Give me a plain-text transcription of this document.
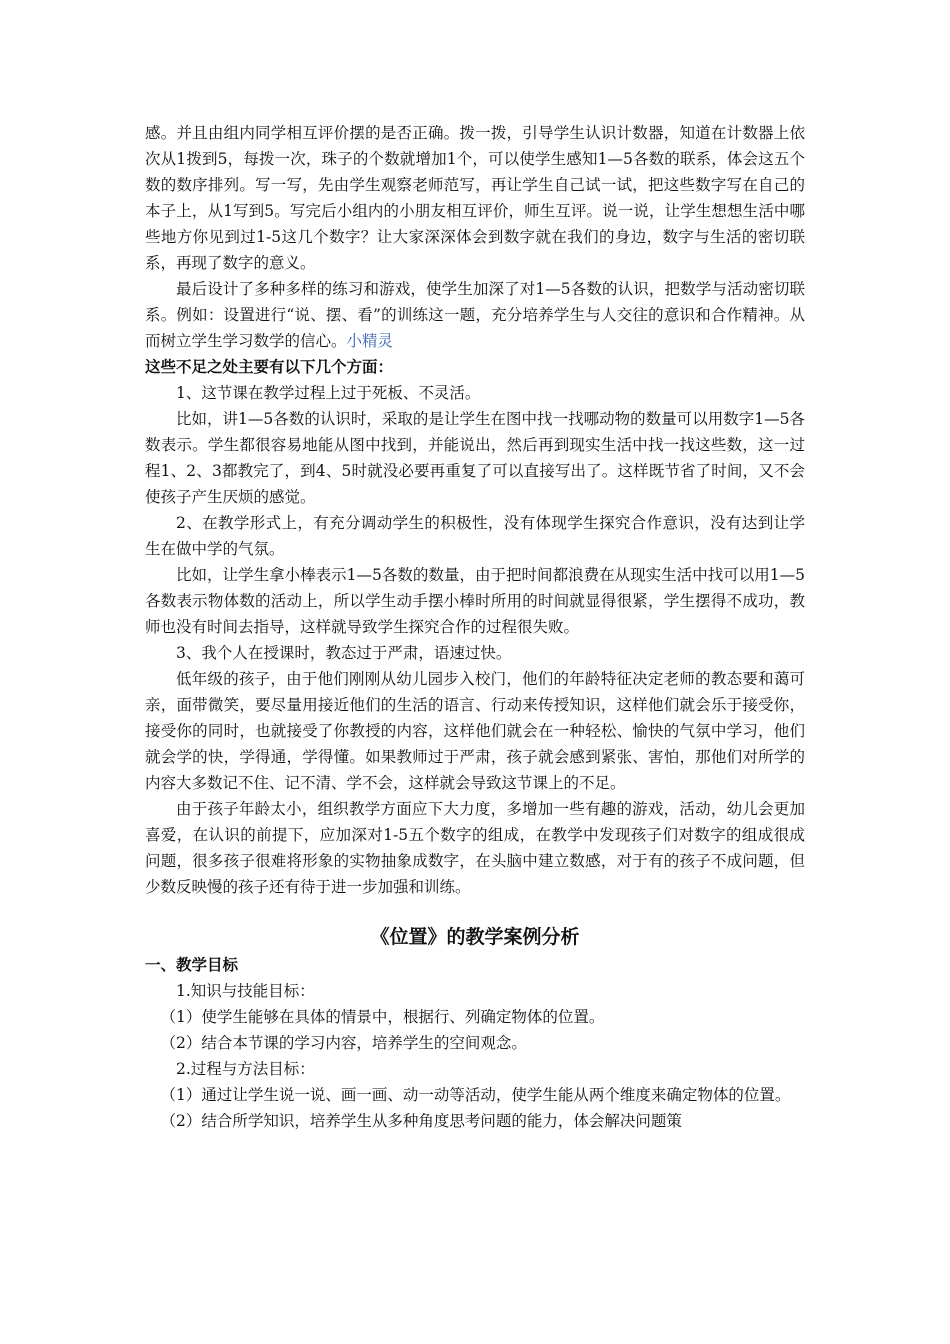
感。并且由组内同学相互评价摆的是否正确。拨一拨，引导学生认识计数器，知道在计数器上依次从1拨到5，每拨一次，珠子的个数就增加1个，可以使学生感知1—5各数的联系，体会这五个数的数序排列。写一写，先由学生观察老师范写，再让学生自己试一试，把这些数字写在自己的本子上，从1写到5。写完后小组内的小朋友相互评价，师生互评。说一说，让学生想想生活中哪些地方你见到过1-5这几个数字？让大家深深体会到数字就在我们的身边，数字与生活的密切联系，再现了数字的意义。

最后设计了多种多样的练习和游戏，使学生加深了对1—5各数的认识，把数学与活动密切联系。例如：设置进行“说、摆、看”的训练这一题，充分培养学生与人交往的意识和合作精神。从而树立学生学习数学的信心。小精灵

这些不足之处主要有以下几个方面：

1、这节课在教学过程上过于死板、不灵活。

比如，讲1—5各数的认识时，采取的是让学生在图中找一找哪动物的数量可以用数字1—5各数表示。学生都很容易地能从图中找到，并能说出，然后再到现实生活中找一找这些数，这一过程1、2、3都教完了，到4、5时就没必要再重复了可以直接写出了。这样既节省了时间，又不会使孩子产生厌烦的感觉。

2、在教学形式上，有充分调动学生的积极性，没有体现学生探究合作意识，没有达到让学生在做中学的气氛。

比如，让学生拿小棒表示1—5各数的数量，由于把时间都浪费在从现实生活中找可以用1—5各数表示物体数的活动上，所以学生动手摆小棒时所用的时间就显得很紧，学生摆得不成功，教师也没有时间去指导，这样就导致学生探究合作的过程很失败。

3、我个人在授课时，教态过于严肃，语速过快。

低年级的孩子，由于他们刚刚从幼儿园步入校门，他们的年龄特征决定老师的教态要和蔼可亲，面带微笑，要尽量用接近他们的生活的语言、行动来传授知识，这样他们就会乐于接受你，接受你的同时，也就接受了你教授的内容，这样他们就会在一种轻松、愉快的气氛中学习，他们就会学的快，学得通，学得懂。如果教师过于严肃，孩子就会感到紧张、害怕，那他们对所学的内容大多数记不住、记不清、学不会，这样就会导致这节课上的不足。

由于孩子年龄太小，组织教学方面应下大力度，多增加一些有趣的游戏，活动，幼儿会更加喜爱，在认识的前提下，应加深对1-5五个数字的组成，在教学中发现孩子们对数字的组成很成问题，很多孩子很难将形象的实物抽象成数字，在头脑中建立数感，对于有的孩子不成问题，但少数反映慢的孩子还有待于进一步加强和训练。

《位置》的教学案例分析

一、教学目标

1.知识与技能目标：

（1）使学生能够在具体的情景中，根据行、列确定物体的位置。

（2）结合本节课的学习内容，培养学生的空间观念。

2.过程与方法目标：

（1）通过让学生说一说、画一画、动一动等活动，使学生能从两个维度来确定物体的位置。

（2）结合所学知识，培养学生从多种角度思考问题的能力，体会解决问题策
